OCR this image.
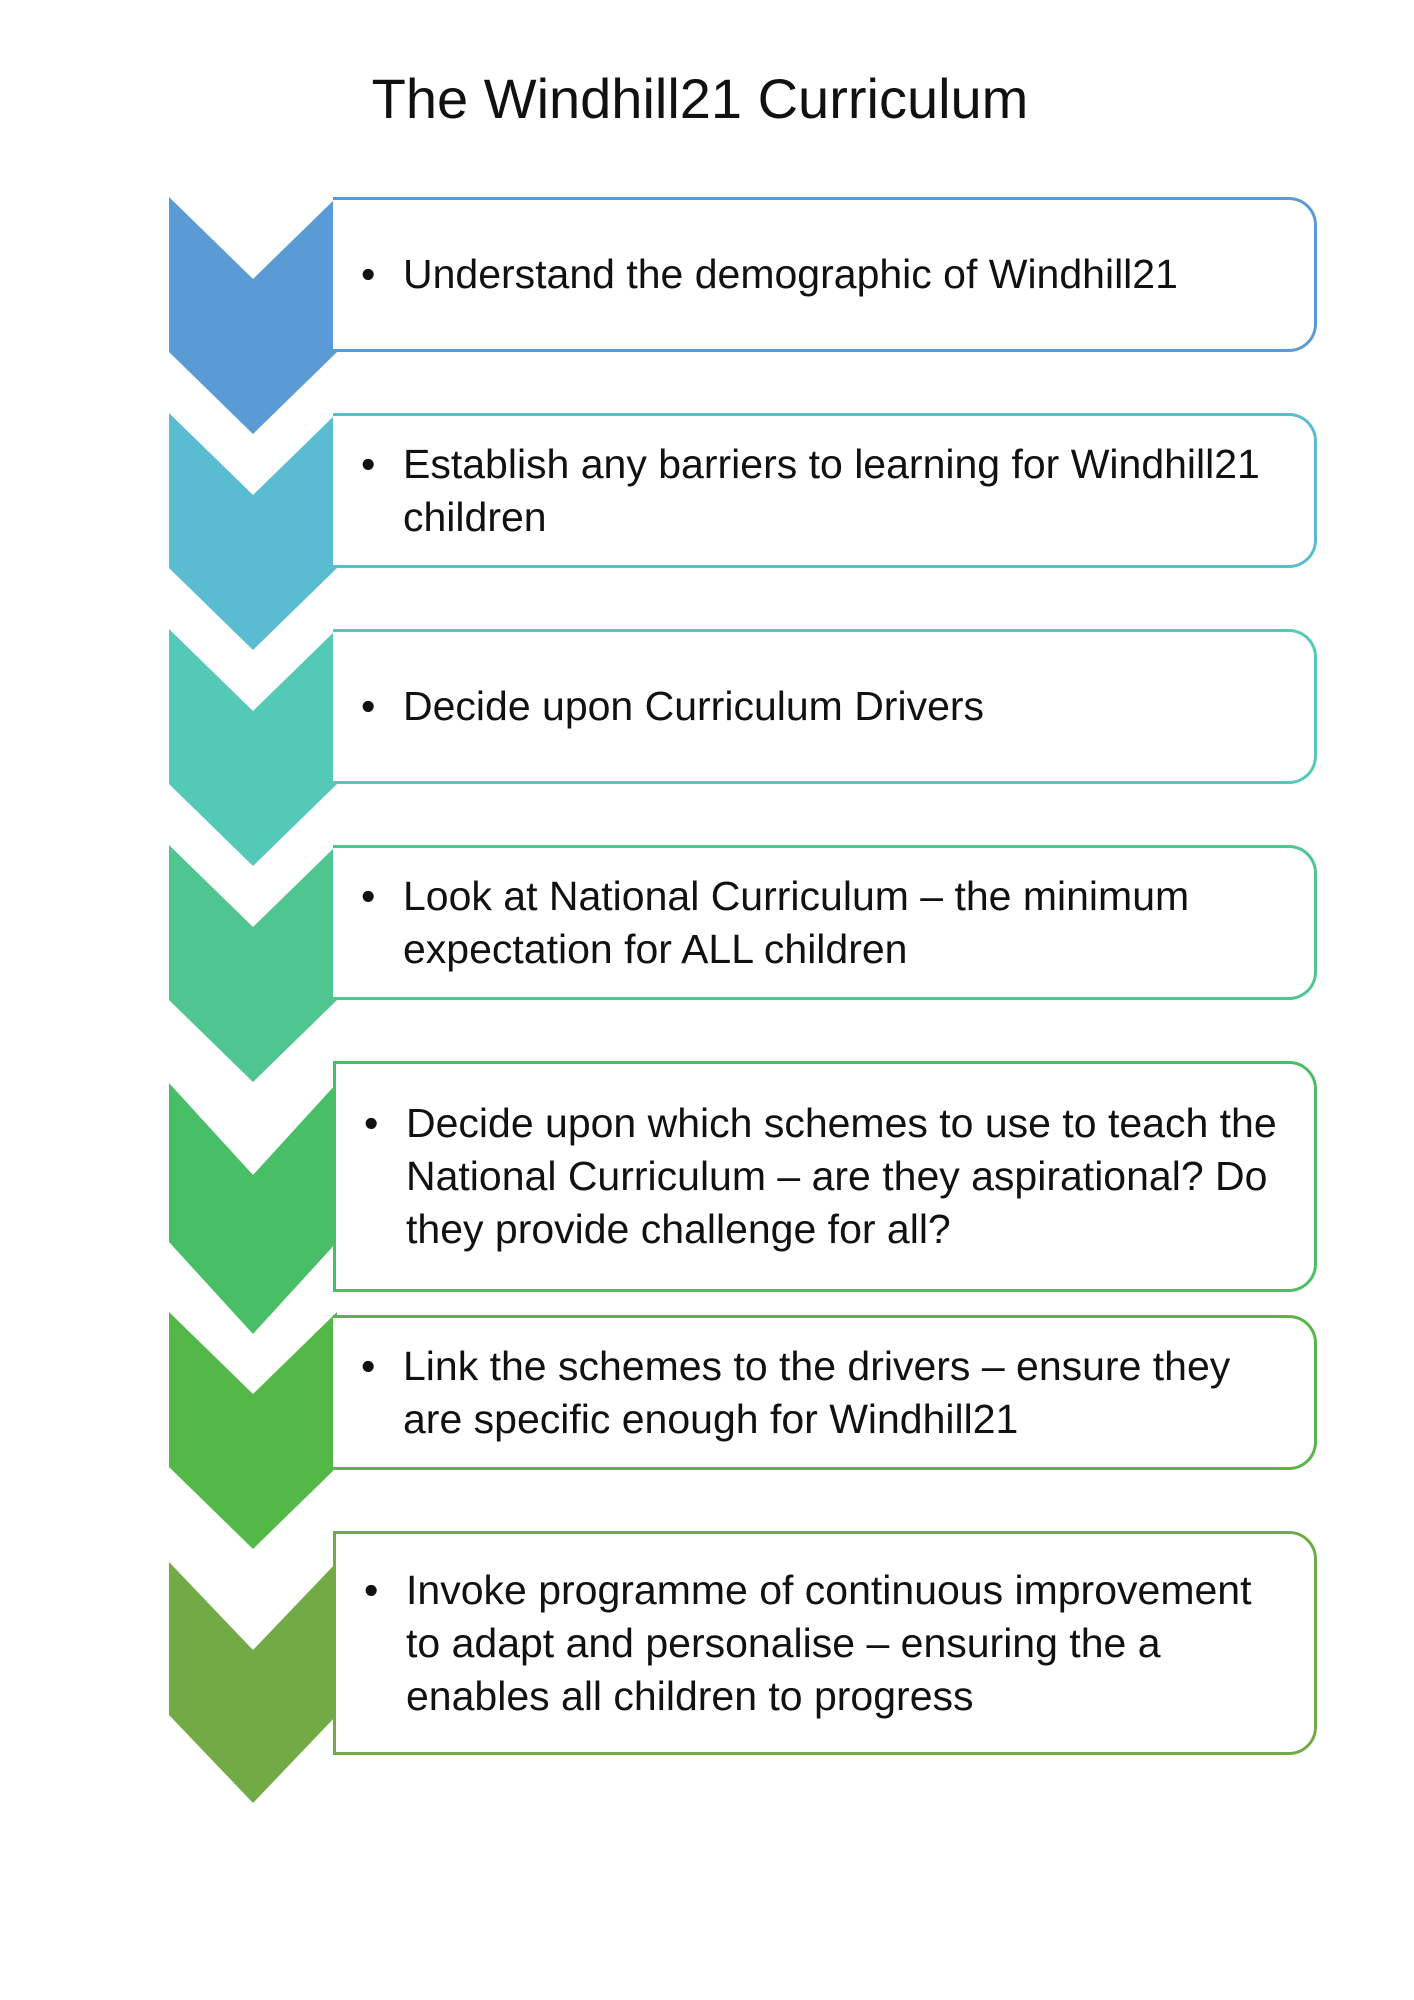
The Windhill21 Curriculum
• Understand the demographic of Windhill21
• Establish any barriers to learning for Windhill21 children
• Decide upon Curriculum Drivers
• Look at National Curriculum – the minimum expectation for ALL children
• Decide upon which schemes to use to teach the National Curriculum – are they aspirational? Do they provide challenge for all?
• Link the schemes to the drivers – ensure they are specific enough for Windhill21
• Invoke programme of continuous improvement to adapt and personalise – ensuring the a enables all children to progress
